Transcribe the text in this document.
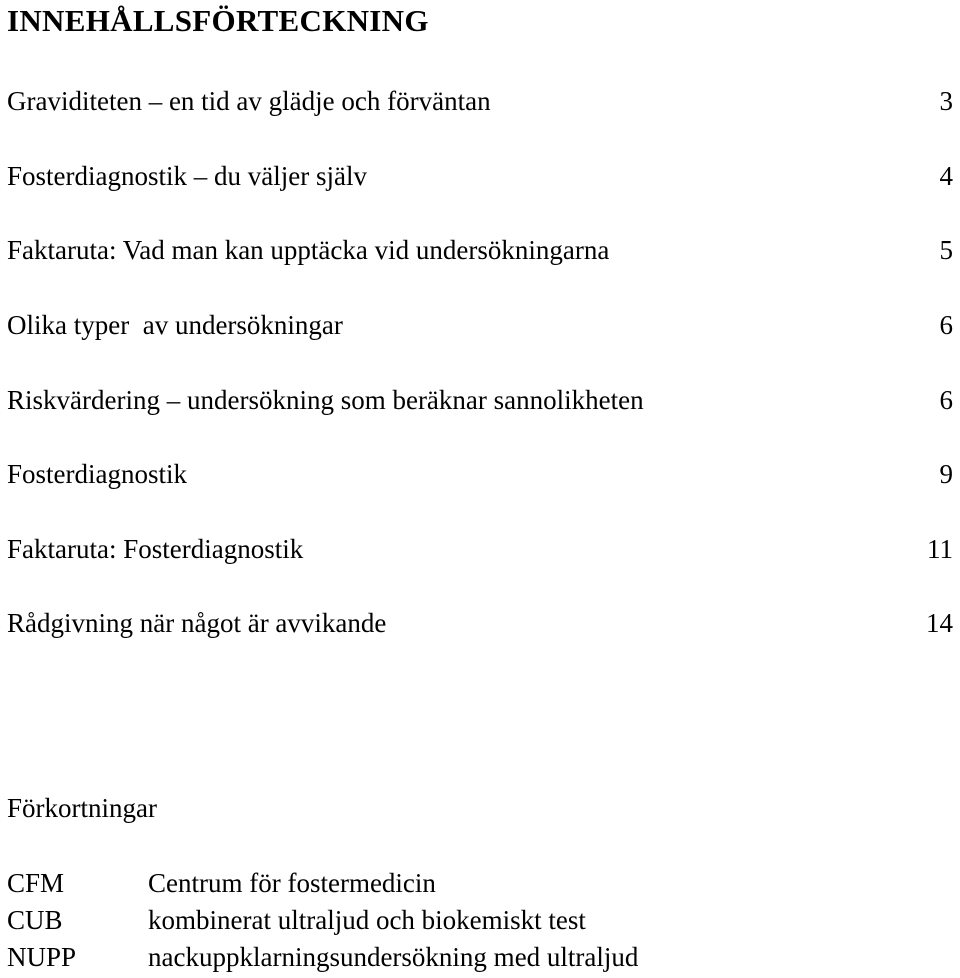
INNEHÅLLSFÖRTECKNING
Graviditeten – en tid av glädje och förväntan	3
Fosterdiagnostik – du väljer själv	4
Faktaruta: Vad man kan upptäcka vid undersökningarna	5
Olika typer  av undersökningar	6
Riskvärdering – undersökning som beräknar sannolikheten	6
Fosterdiagnostik	9
Faktaruta: Fosterdiagnostik	11
Rådgivning när något är avvikande	14
Förkortningar
CFM	Centrum för fostermedicin
CUB	kombinerat ultraljud och biokemiskt test
NUPP	nackuppklarningsundersökning med ultraljud
